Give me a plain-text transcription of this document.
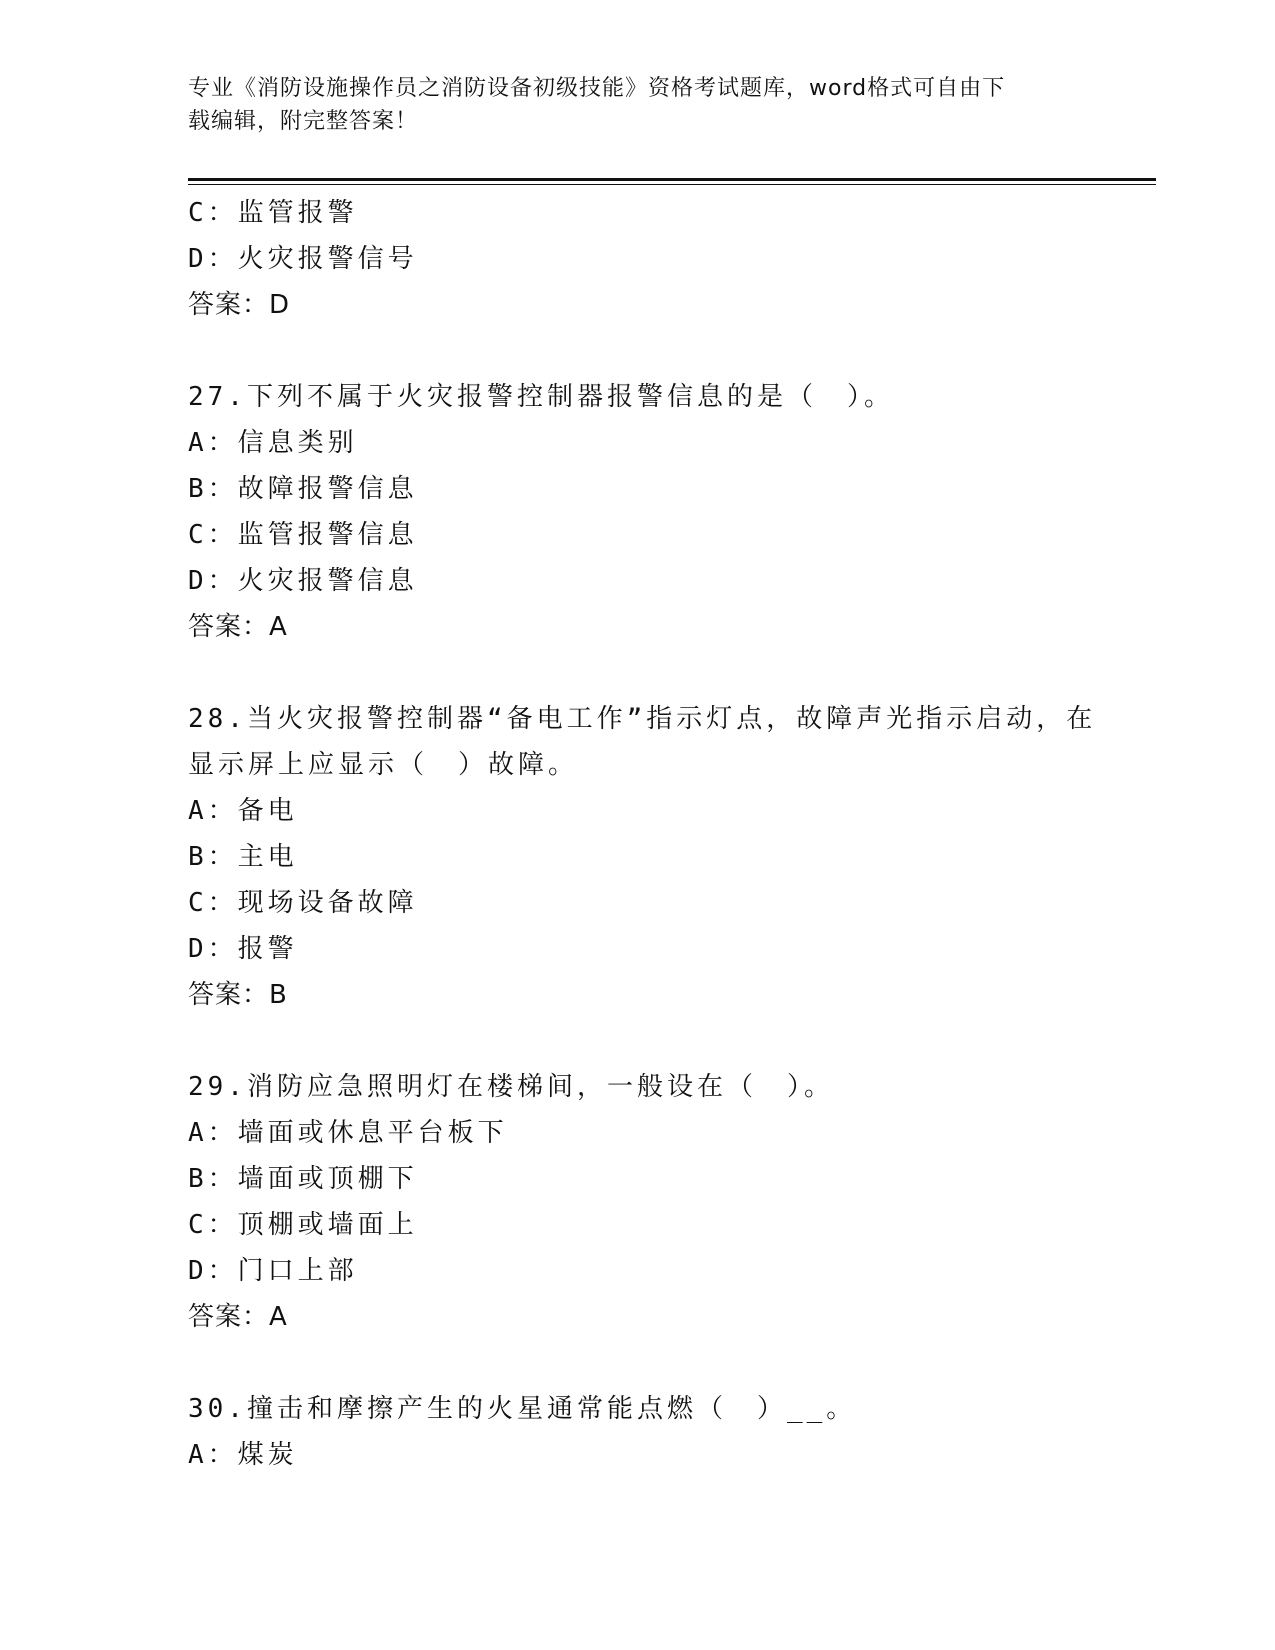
专业《消防设施操作员之消防设备初级技能》资格考试题库，word格式可自由下
载编辑，附完整答案！
C：监管报警
D：火灾报警信号
答案：D
27.下列不属于火灾报警控制器报警信息的是（　）。
A：信息类别
B：故障报警信息
C：监管报警信息
D：火灾报警信息
答案：A
28.当火灾报警控制器“备电工作”指示灯点，故障声光指示启动，在
显示屏上应显示（　）故障。
A：备电
B：主电
C：现场设备故障
D：报警
答案：B
29.消防应急照明灯在楼梯间，一般设在（　）。
A：墙面或休息平台板下
B：墙面或顶棚下
C：顶棚或墙面上
D：门口上部
答案：A
30.撞击和摩擦产生的火星通常能点燃（　）__。
A：煤炭
